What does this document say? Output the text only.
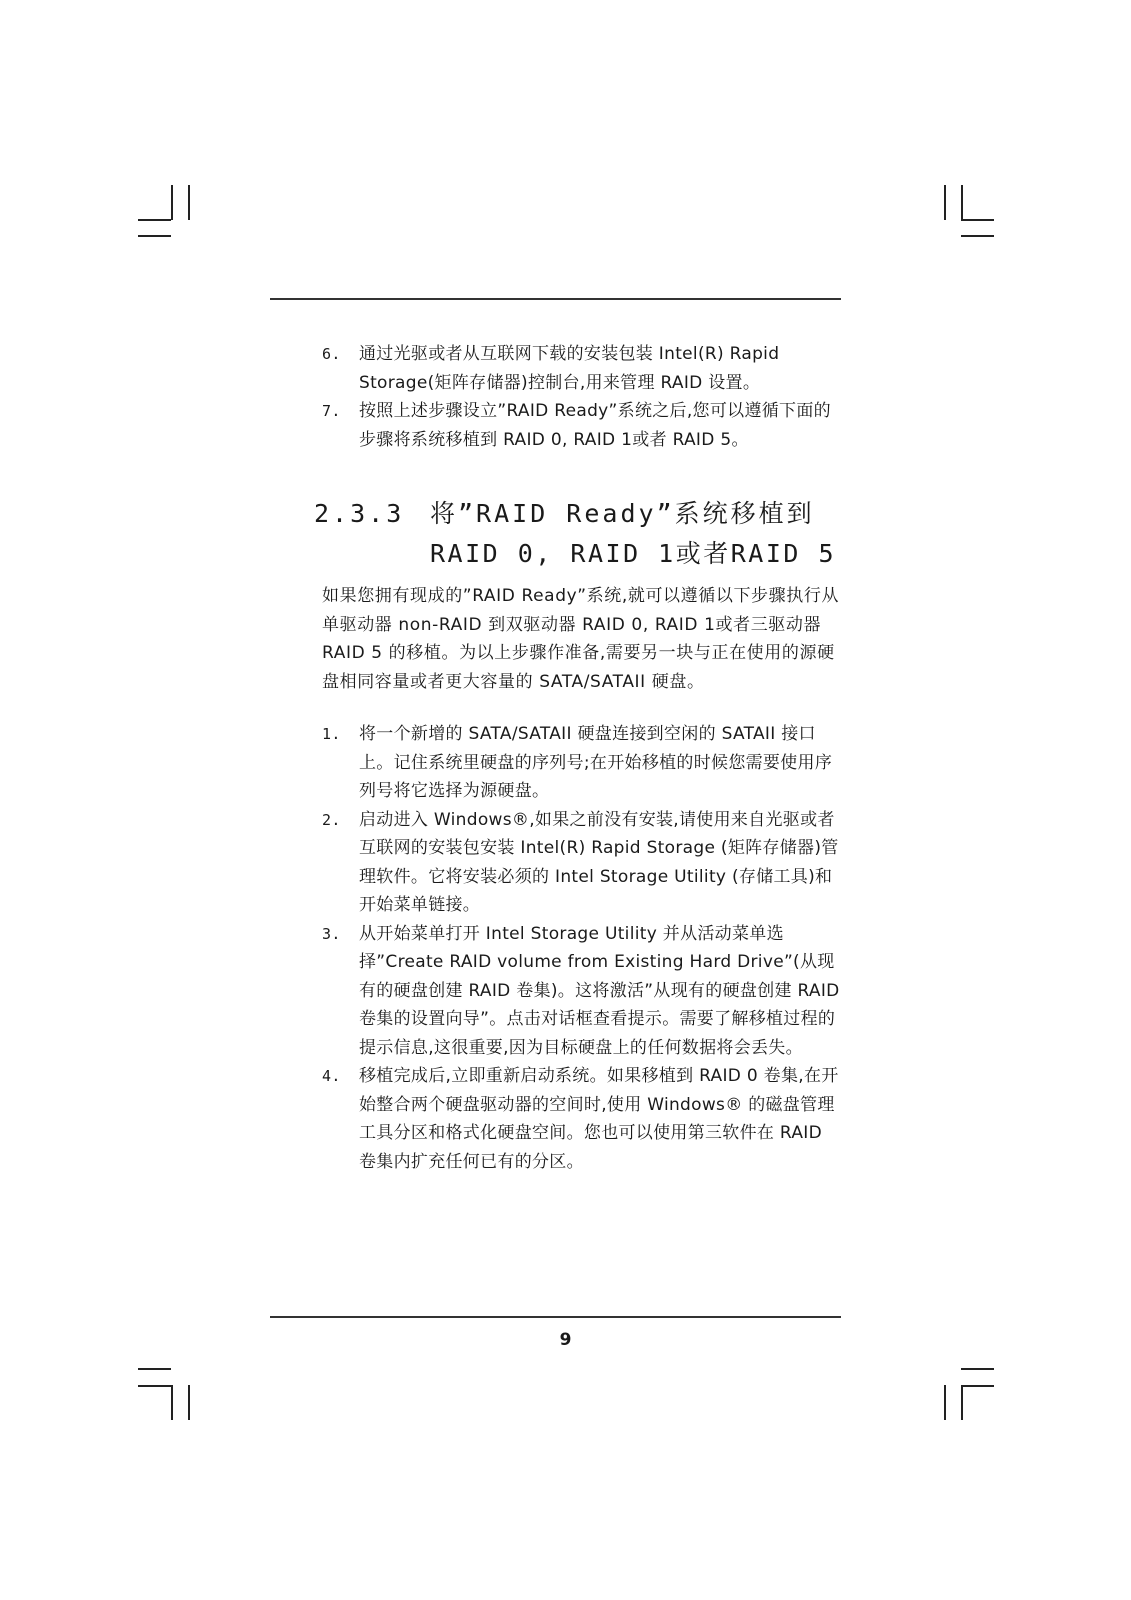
6. 通过光驱或者从互联网下载的安装包装 Intel(R) Rapid Storage(矩阵存储器)控制台,用来管理 RAID 设置。
7. 按照上述步骤设立”RAID Ready”系统之后,您可以遵循下面的步骤将系统移植到 RAID 0, RAID 1或者 RAID 5。
2.3.3 将”RAID Ready”系统移植到
RAID 0, RAID 1或者RAID 5
如果您拥有现成的”RAID Ready”系统,就可以遵循以下步骤执行从单驱动器 non-RAID 到双驱动器 RAID 0, RAID 1或者三驱动器 RAID 5 的移植。为以上步骤作准备,需要另一块与正在使用的源硬盘相同容量或者更大容量的 SATA/SATAII 硬盘。
1. 将一个新增的 SATA/SATAII 硬盘连接到空闲的 SATAII 接口上。记住系统里硬盘的序列号;在开始移植的时候您需要使用序列号将它选择为源硬盘。
2. 启动进入 Windows®,如果之前没有安装,请使用来自光驱或者互联网的安装包安装 Intel(R) Rapid Storage (矩阵存储器)管理软件。它将安装必须的 Intel Storage Utility (存储工具)和开始菜单链接。
3. 从开始菜单打开 Intel Storage Utility 并从活动菜单选择”Create RAID volume from Existing Hard Drive”(从现有的硬盘创建 RAID 卷集)。这将激活”从现有的硬盘创建 RAID 卷集的设置向导”。点击对话框查看提示。需要了解移植过程的提示信息,这很重要,因为目标硬盘上的任何数据将会丢失。
4. 移植完成后,立即重新启动系统。如果移植到 RAID 0 卷集,在开始整合两个硬盘驱动器的空间时,使用 Windows® 的磁盘管理工具分区和格式化硬盘空间。您也可以使用第三软件在 RAID 卷集内扩充任何已有的分区。
9
